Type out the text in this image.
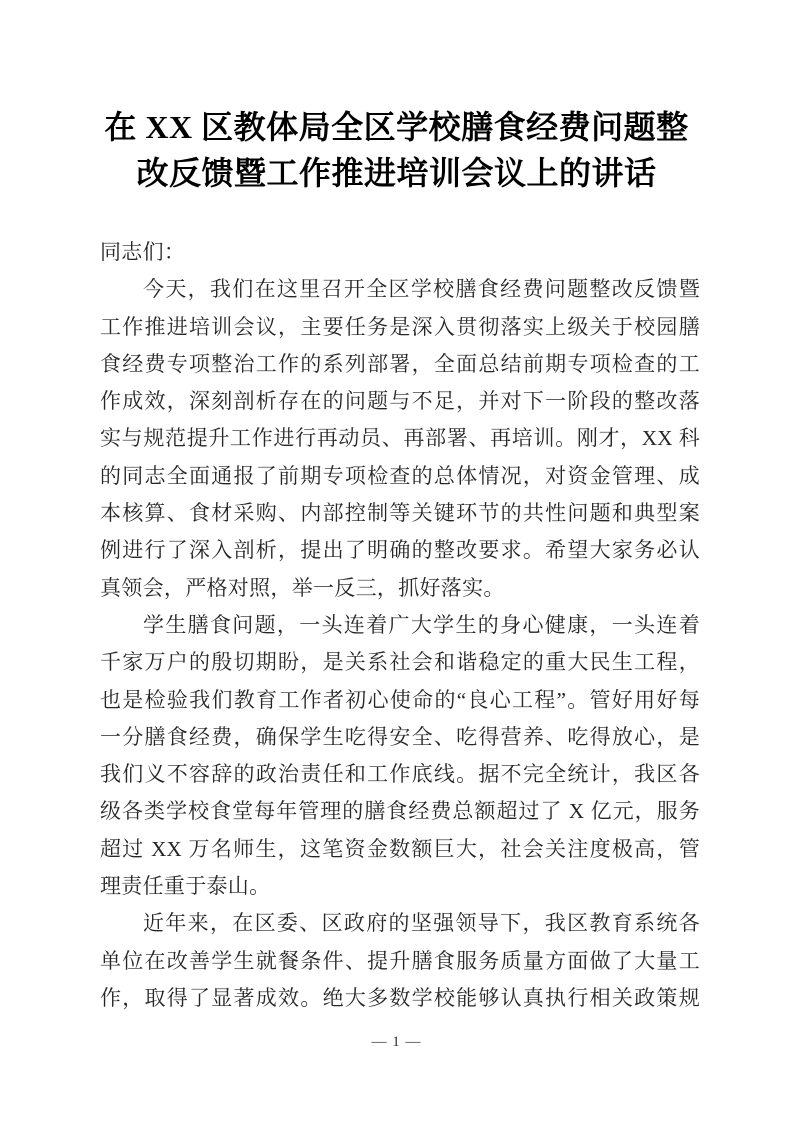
在 XX 区教体局全区学校膳食经费问题整
改反馈暨工作推进培训会议上的讲话
同志们：
今天，我们在这里召开全区学校膳食经费问题整改反馈暨
工作推进培训会议，主要任务是深入贯彻落实上级关于校园膳
食经费专项整治工作的系列部署，全面总结前期专项检查的工
作成效，深刻剖析存在的问题与不足，并对下一阶段的整改落
实与规范提升工作进行再动员、再部署、再培训。刚才，XX 科
的同志全面通报了前期专项检查的总体情况，对资金管理、成
本核算、食材采购、内部控制等关键环节的共性问题和典型案
例进行了深入剖析，提出了明确的整改要求。希望大家务必认
真领会，严格对照，举一反三，抓好落实。
学生膳食问题，一头连着广大学生的身心健康，一头连着
千家万户的殷切期盼，是关系社会和谐稳定的重大民生工程，
也是检验我们教育工作者初心使命的“良心工程”。管好用好每
一分膳食经费，确保学生吃得安全、吃得营养、吃得放心，是
我们义不容辞的政治责任和工作底线。据不完全统计，我区各
级各类学校食堂每年管理的膳食经费总额超过了 X 亿元，服务
超过 XX 万名师生，这笔资金数额巨大，社会关注度极高，管
理责任重于泰山。
近年来，在区委、区政府的坚强领导下，我区教育系统各
单位在改善学生就餐条件、提升膳食服务质量方面做了大量工
作，取得了显著成效。绝大多数学校能够认真执行相关政策规
— 1 —
